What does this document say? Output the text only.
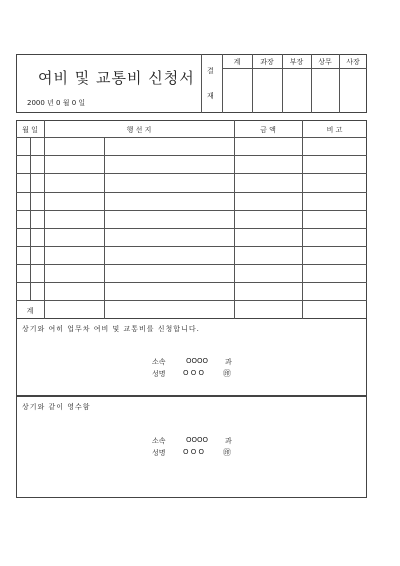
여비 및 교통비 신청서
2000 년 0 월 0 일
결
재
계	과장	부장	상무	사장
월 일	행 선 지	금 액	비 고
계
상기와 여히 업무차 여비 및 교통비를 신청합니다.
소속	OOOO 과
성명 O O O ㊞
상기와 같이 영수함
소속	OOOO 과
성명 O O O ㊞
